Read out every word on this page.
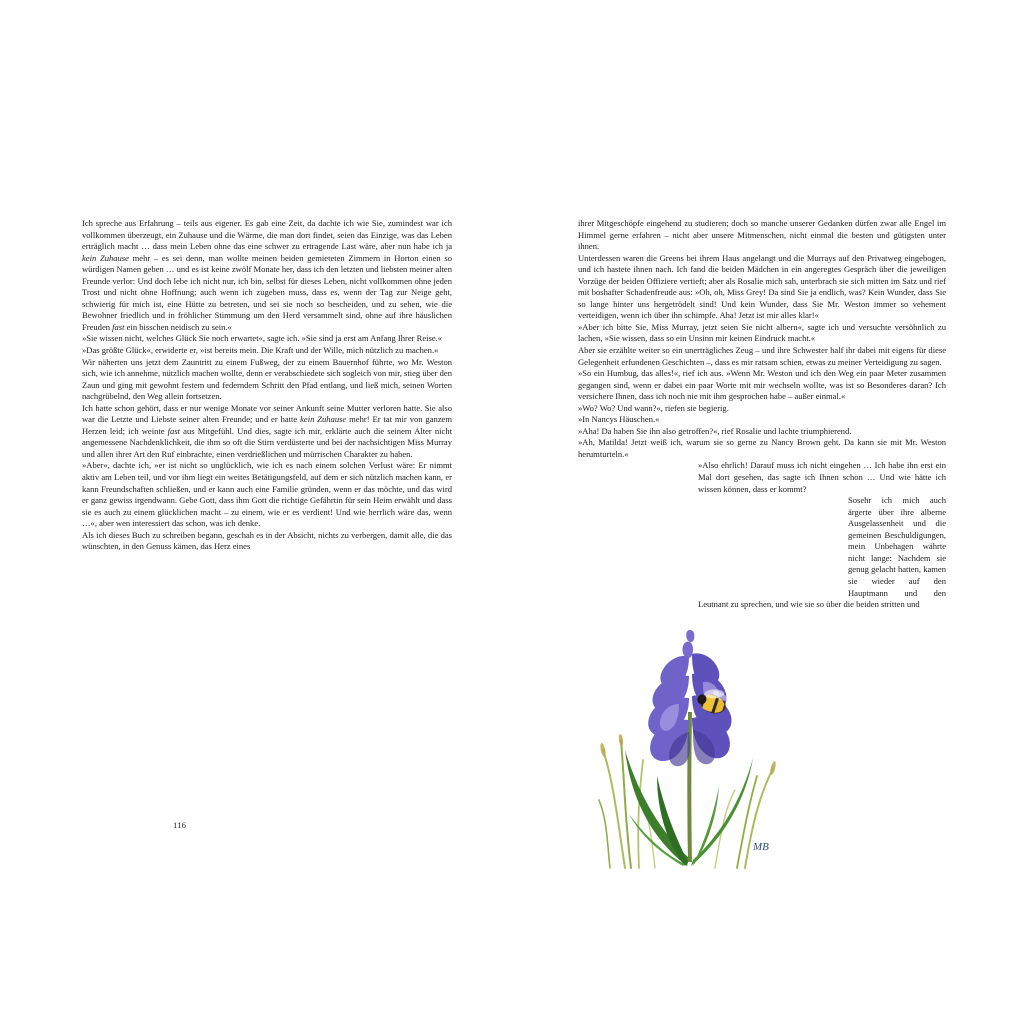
Ich spreche aus Erfahrung – teils aus eigener. Es gab eine Zeit, da dachte ich wie Sie, zumindest war ich vollkommen überzeugt, ein Zuhause und die Wärme, die man dort findet, seien das Einzige, was das Leben erträglich macht … dass mein Leben ohne das eine schwer zu ertragende Last wäre, aber nun habe ich ja kein Zuhause mehr – es sei denn, man wollte meinen beiden gemieteten Zimmern in Horton einen so würdigen Namen geben … und es ist keine zwölf Monate her, dass ich den letzten und liebsten meiner alten Freunde verlor: Und doch lebe ich nicht nur, ich bin, selbst für dieses Leben, nicht vollkommen ohne jeden Trost und nicht ohne Hoffnung; auch wenn ich zugeben muss, dass es, wenn der Tag zur Neige geht, schwierig für mich ist, eine Hütte zu betreten, und sei sie noch so bescheiden, und zu sehen, wie die Bewohner friedlich und in fröhlicher Stimmung um den Herd versammelt sind, ohne auf ihre häuslichen Freuden fast ein bisschen neidisch zu sein.«

»Sie wissen nicht, welches Glück Sie noch erwartet«, sagte ich. »Sie sind ja erst am Anfang Ihrer Reise.«

»Das größte Glück«, erwiderte er, »ist bereits mein. Die Kraft und der Wille, mich nützlich zu machen.«

Wir näherten uns jetzt dem Zauntritt zu einem Fußweg, der zu einem Bauernhof führte, wo Mr. Weston sich, wie ich annehme, nützlich machen wollte, denn er verabschiedete sich sogleich von mir, stieg über den Zaun und ging mit gewohnt festem und federndem Schritt den Pfad entlang, und ließ mich, seinen Worten nachgrübelnd, den Weg allein fortsetzen.

Ich hatte schon gehört, dass er nur wenige Monate vor seiner Ankunft seine Mutter verloren hatte. Sie also war die Letzte und Liebste seiner alten Freunde; und er hatte kein Zuhause mehr! Er tat mir von ganzem Herzen leid; ich weinte fast aus Mitgefühl. Und dies, sagte ich mir, erklärte auch die seinem Alter nicht angemessene Nachdenklichkeit, die ihm so oft die Stirn verdüsterte und bei der nachsichtigen Miss Murray und allen ihrer Art den Ruf einbrachte, einen verdrießlichen und mürrischen Charakter zu haben.

»Aber«, dachte ich, »er ist nicht so unglücklich, wie ich es nach einem solchen Verlust wäre: Er nimmt aktiv am Leben teil, und vor ihm liegt ein weites Betätigungsfeld, auf dem er sich nützlich machen kann, er kann Freundschaften schließen, und er kann auch eine Familie gründen, wenn er das möchte, und das wird er ganz gewiss irgendwann. Gebe Gott, dass ihm Gott die richtige Gefährtin für sein Heim erwählt und dass sie es auch zu einem glücklichen macht – zu einem, wie er es verdient! Und wie herrlich wäre das, wenn …«, aber wen interessiert das schon, was ich denke.

Als ich dieses Buch zu schreiben begann, geschah es in der Absicht, nichts zu verbergen, damit alle, die das wünschten, in den Genuss kämen, das Herz eines

116

ihrer Mitgeschöpfe eingehend zu studieren; doch so manche unserer Gedanken dürfen zwar alle Engel im Himmel gerne erfahren – nicht aber unsere Mitmenschen, nicht einmal die besten und gütigsten unter ihnen.

Unterdessen waren die Greens bei ihrem Haus angelangt und die Murrays auf den Privatweg eingebogen, und ich hastete ihnen nach. Ich fand die beiden Mädchen in ein angeregtes Gespräch über die jeweiligen Vorzüge der beiden Offiziere vertieft; aber als Rosalie mich sah, unterbrach sie sich mitten im Satz und rief mit boshafter Schadenfreude aus: »Oh, oh, Miss Grey! Da sind Sie ja endlich, was? Kein Wunder, dass Sie so lange hinter uns hergetrödelt sind! Und kein Wunder, dass Sie Mr. Weston immer so vehement verteidigen, wenn ich über ihn schimpfe. Aha! Jetzt ist mir alles klar!«

»Aber ich bitte Sie, Miss Murray, jetzt seien Sie nicht albern«, sagte ich und versuchte versöhnlich zu lachen, »Sie wissen, dass so ein Unsinn mir keinen Eindruck macht.«

Aber sie erzählte weiter so ein unerträgliches Zeug – und ihre Schwester half ihr dabei mit eigens für diese Gelegenheit erfundenen Geschichten –, dass es mir ratsam schien, etwas zu meiner Verteidigung zu sagen.

»So ein Humbug, das alles!«, rief ich aus. »Wenn Mr. Weston und ich den Weg ein paar Meter zusammen gegangen sind, wenn er dabei ein paar Worte mit mir wechseln wollte, was ist so Besonderes daran? Ich versichere Ihnen, dass ich noch nie mit ihm gesprochen habe – außer einmal.«

»Wo? Wo? Und wann?«, riefen sie begierig.

»In Nancys Häuschen.«

»Aha! Da haben Sie ihn also getroffen?«, rief Rosalie und lachte triumphierend.

»Ah, Matilda! Jetzt weiß ich, warum sie so gerne zu Nancy Brown geht. Da kann sie mit Mr. Weston herumturteln.«

»Also ehrlich! Darauf muss ich nicht eingehen … Ich habe ihn erst ein Mal dort gesehen, das sagte ich Ihnen schon … Und wie hätte ich wissen können, dass er kommt?

Sosehr ich mich auch ärgerte über ihre alberne Ausgelassenheit und die gemeinen Beschuldigungen, mein Unbehagen währte nicht lange: Nachdem sie genug gelacht hatten, kamen sie wieder auf den Hauptmann und den Leutnant zu sprechen, und wie sie so über die beiden stritten und

MB
